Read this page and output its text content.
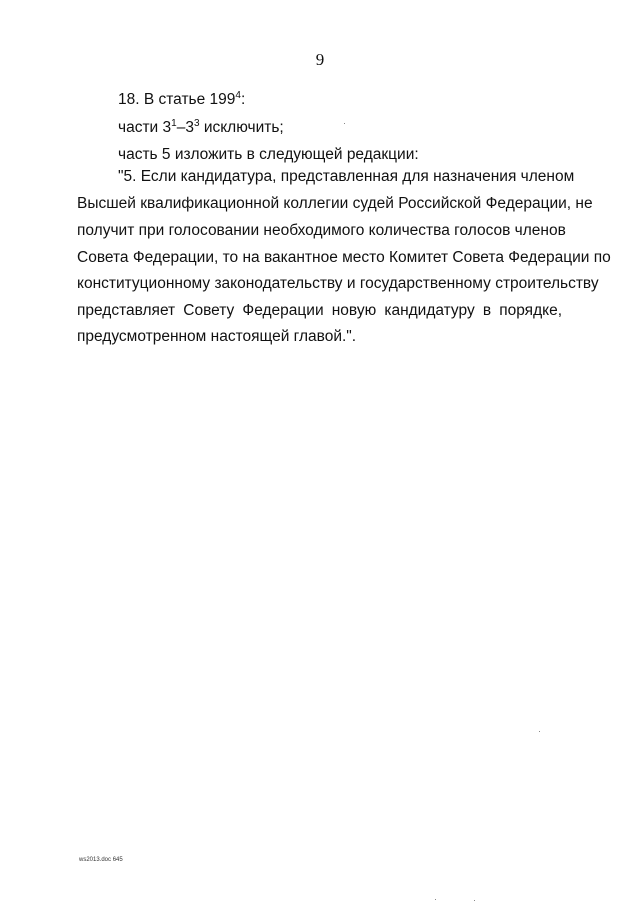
9
18. В статье $199^4$:
части $3^1-3^3$ исключить;
часть 5 изложить в следующей редакции:
"5. Если кандидатура, представленная для назначения членом
Высшей квалификационной коллегии судей Российской Федерации, не
получит при голосовании необходимого количества голосов членов
Совета Федерации, то на вакантное место Комитет Совета Федерации по
конституционному законодательству и государственному строительству
представляет Совету Федерации новую кандидатуру в порядке,
предусмотренном настоящей главой.".
ws2013.doc 645
